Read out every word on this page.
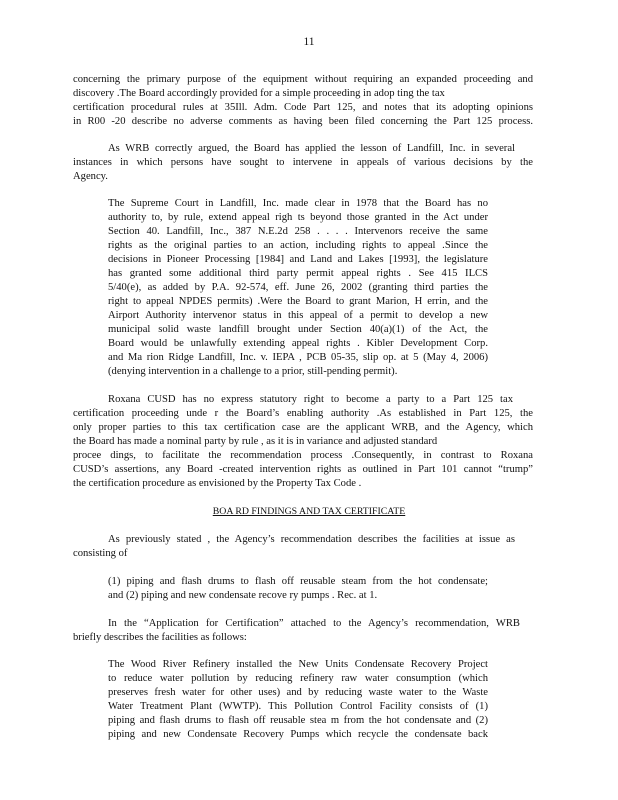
11
concerning the primary purpose of the equipment without requiring an expanded proceeding and
discovery .The Board accordingly provided for a simple proceeding in adop ting the tax
certification procedural rules at 35Ill. Adm. Code Part 125, and notes that its adopting opinions
in R00 -20 describe no adverse comments as having been filed concerning the Part 125 process.
As WRB correctly argued, the Board has applied the lesson of Landfill, Inc. in several
instances in which persons have sought to intervene in appeals of various decisions by the
Agency.
The Supreme Court in Landfill, Inc. made clear in 1978 that the Board has no
authority to, by rule, extend appeal righ ts beyond those granted in the Act under
Section 40. Landfill, Inc., 387 N.E.2d 258 . . . . Intervenors receive the same
rights as the original parties to an action, including rights to appeal .Since the
decisions in Pioneer Processing [1984] and Land and Lakes [1993], the legislature
has granted some additional third party permit appeal rights . See 415 ILCS
5/40(e), as added by P.A. 92-574, eff. June 26, 2002 (granting third parties the
right to appeal NPDES permits) .Were the Board to grant Marion, H errin, and the
Airport Authority intervenor status in this appeal of a permit to develop a new
municipal solid waste landfill brought under Section 40(a)(1) of the Act, the
Board would be unlawfully extending appeal rights . Kibler Development Corp.
and Ma rion Ridge Landfill, Inc. v. IEPA , PCB 05-35, slip op. at 5 (May 4, 2006)
(denying intervention in a challenge to a prior, still-pending permit).
Roxana CUSD has no express statutory right to become a party to a Part 125 tax
certification proceeding unde r the Board’s enabling authority .As established in Part 125, the
only proper parties to this tax certification case are the applicant WRB, and the Agency, which
the Board has made a nominal party by rule , as it is in variance and adjusted standard
procee dings, to facilitate the recommendation process .Consequently, in contrast to Roxana
CUSD’s assertions, any Board -created intervention rights as outlined in Part 101 cannot “trump”
the certification procedure as envisioned by the Property Tax Code .
BOA RD FINDINGS AND TAX CERTIFICATE
As previously stated , the Agency’s recommendation describes the facilities at issue as
consisting of
(1) piping and flash drums to flash off reusable steam from the hot condensate;
and (2) piping and new condensate recove ry pumps . Rec. at 1.
In the “Application for Certification” attached to the Agency’s recommendation, WRB
briefly describes the facilities as follows:
The Wood River Refinery installed the New Units Condensate Recovery Project
to reduce water pollution by reducing refinery raw water consumption (which
preserves fresh water for other uses) and by reducing waste water to the Waste
Water Treatment Plant (WWTP). This Pollution Control Facility consists of (1)
piping and flash drums to flash off reusable stea m from the hot condensate and (2)
piping and new Condensate Recovery Pumps which recycle the condensate back
